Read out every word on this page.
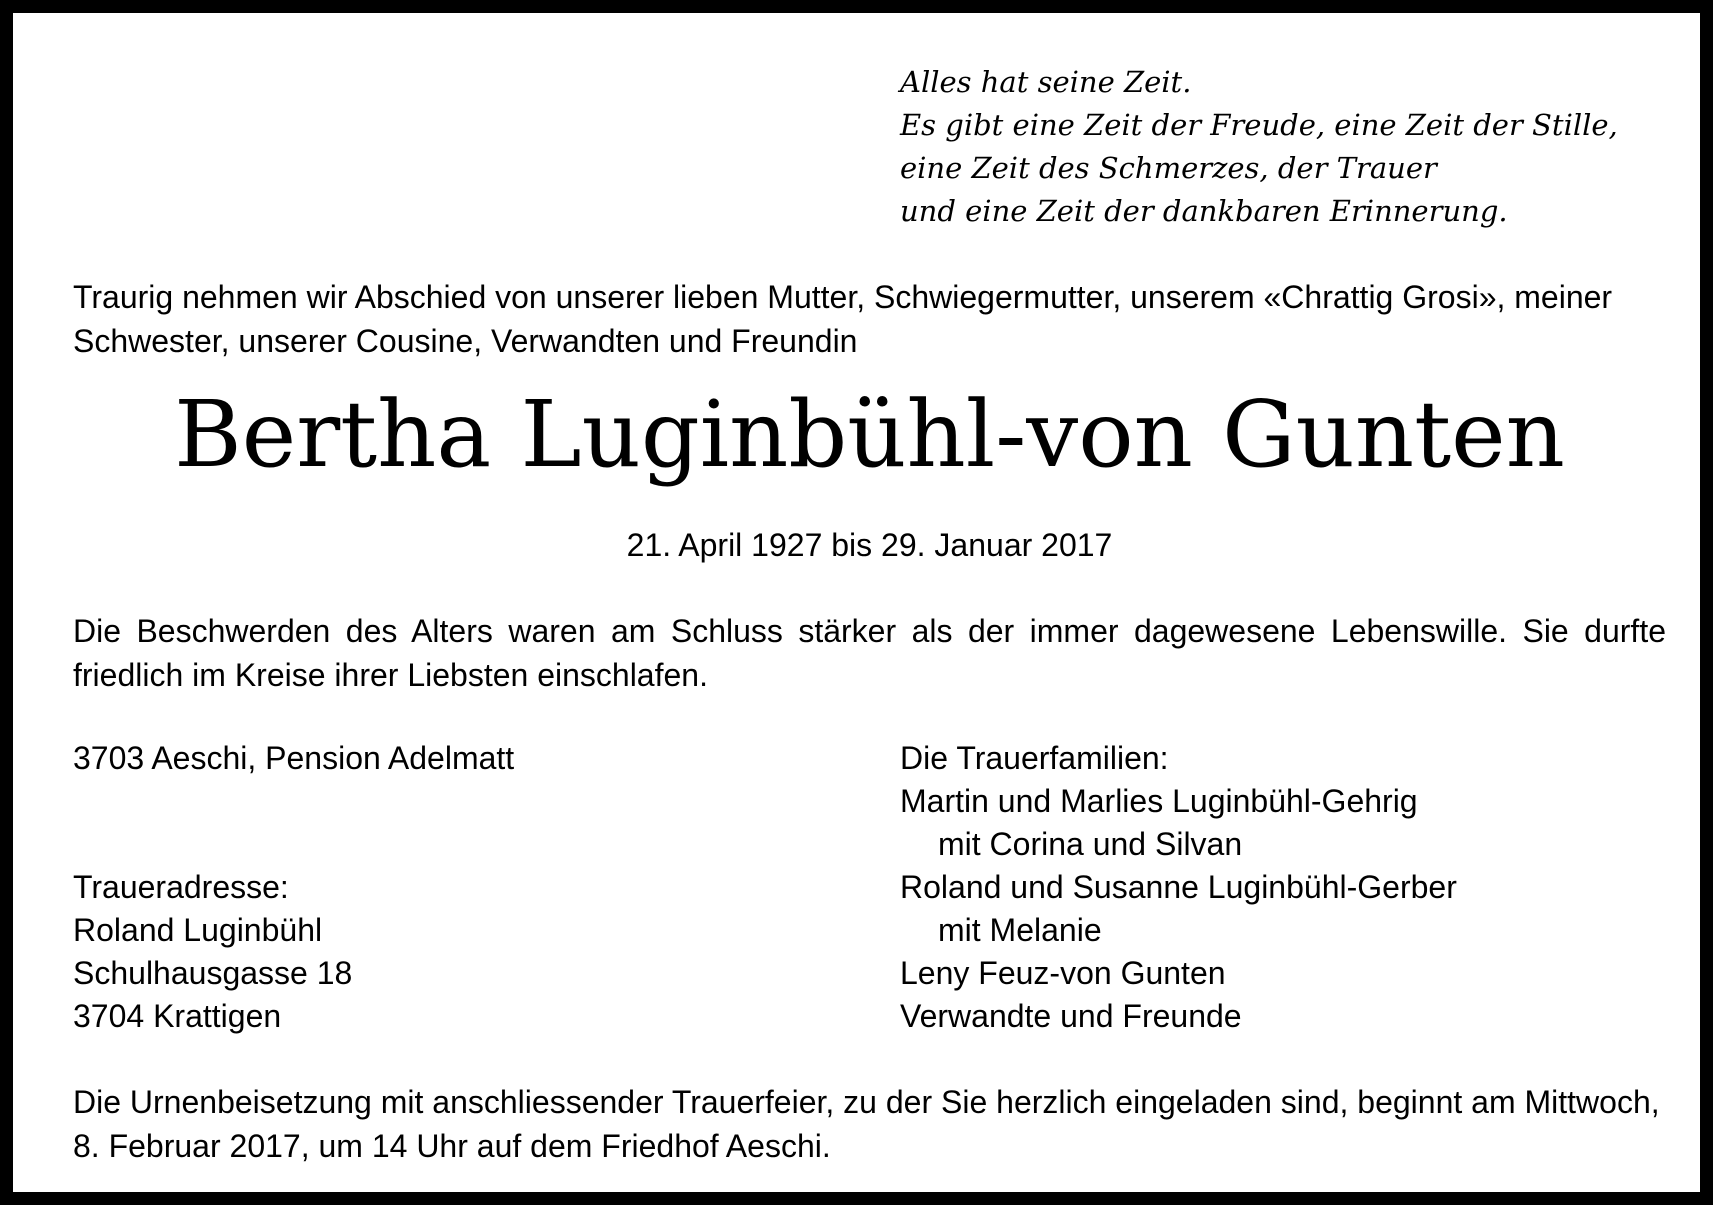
Alles hat seine Zeit.
Es gibt eine Zeit der Freude, eine Zeit der Stille,
eine Zeit des Schmerzes, der Trauer
und eine Zeit der dankbaren Erinnerung.
Traurig nehmen wir Abschied von unserer lieben Mutter, Schwiegermutter, unserem «Chrattig Grosi», meiner
Schwester, unserer Cousine, Verwandten und Freundin
Bertha Luginbühl-von Gunten
21. April 1927 bis 29. Januar 2017
Die Beschwerden des Alters waren am Schluss stärker als der immer dagewesene Lebenswille. Sie durfte friedlich im Kreise ihrer Liebsten einschlafen.
3703 Aeschi, Pension Adelmatt
Traueradresse:
Roland Luginbühl
Schulhausgasse 18
3704 Krattigen
Die Trauerfamilien:
Martin und Marlies Luginbühl-Gehrig
mit Corina und Silvan
Roland und Susanne Luginbühl-Gerber
mit Melanie
Leny Feuz-von Gunten
Verwandte und Freunde
Die Urnenbeisetzung mit anschliessender Trauerfeier, zu der Sie herzlich eingeladen sind, beginnt am Mittwoch,
8. Februar 2017, um 14 Uhr auf dem Friedhof Aeschi.
